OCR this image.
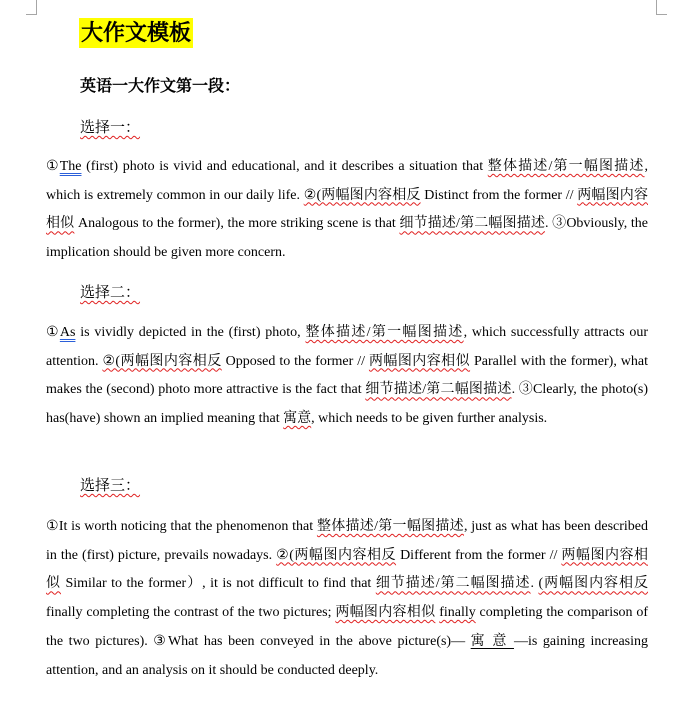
大作文模板
英语一大作文第一段：
选择一：
①The (first) photo is vivid and educational, and it describes a situation that 整体描述/第一幅图描述, which is extremely common in our daily life. ②(两幅图内容相反 Distinct from the former // 两幅图内容相似 Analogous to the former), the more striking scene is that 细节描述/第二幅图描述. ③Obviously, the implication should be given more concern.
选择二：
①As is vividly depicted in the (first) photo, 整体描述/第一幅图描述, which successfully attracts our attention. ②(两幅图内容相反 Opposed to the former // 两幅图内容相似 Parallel with the former), what makes the (second) photo more attractive is the fact that 细节描述/第二幅图描述. ③Clearly, the photo(s) has(have) shown an implied meaning that 寓意, which needs to be given further analysis.
选择三：
①It is worth noticing that the phenomenon that 整体描述/第一幅图描述, just as what has been described in the (first) picture, prevails nowadays. ②(两幅图内容相反 Different from the former // 两幅图内容相似 Similar to the former）, it is not difficult to find that 细节描述/第二幅图描述. (两幅图内容相反 finally completing the contrast of the two pictures; 两幅图内容相似 finally completing the comparison of the two pictures). ③What has been conveyed in the above picture(s)— 寓 意 —is gaining increasing attention, and an analysis on it should be conducted deeply.
